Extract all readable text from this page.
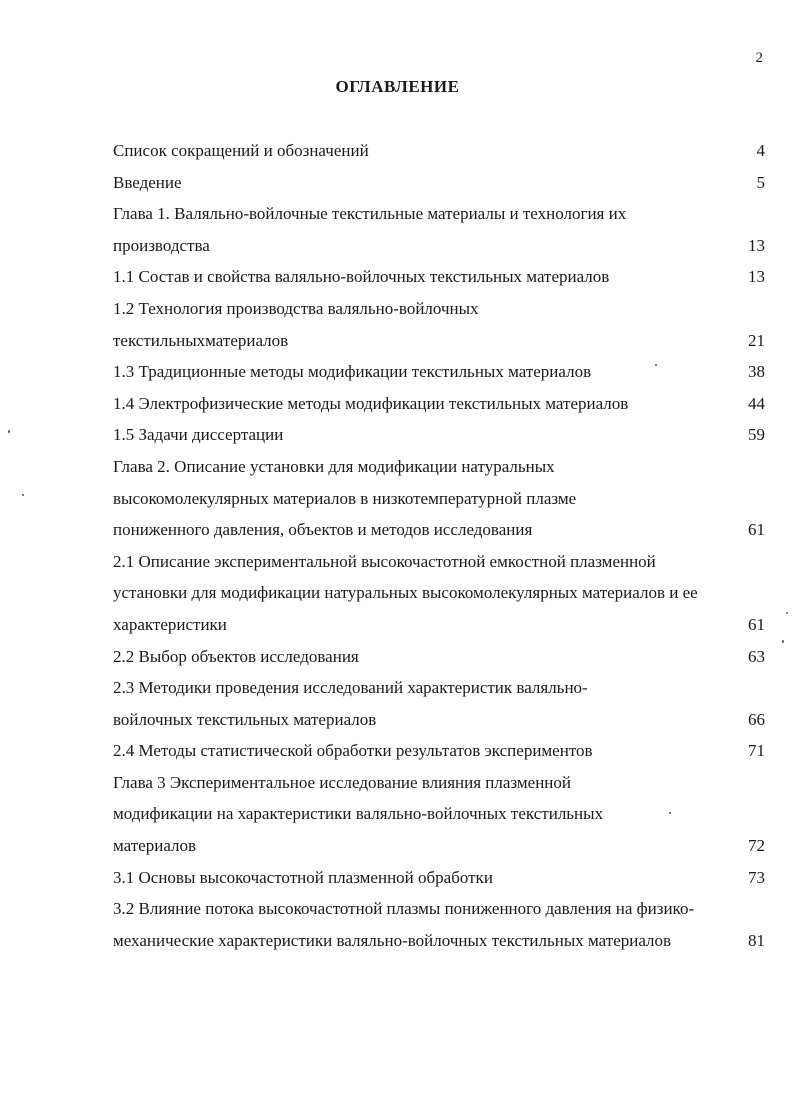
2
ОГЛАВЛЕНИЕ
Список сокращений и обозначений	4
Введение	5
Глава 1. Валяльно-войлочные текстильные материалы и технология их производства	13
1.1 Состав и свойства валяльно-войлочных текстильных материалов	13
1.2 Технология производства валяльно-войлочных текстильныхматериалов	21
1.3 Традиционные методы модификации текстильных материалов	38
1.4 Электрофизические методы модификации текстильных материалов	44
1.5 Задачи диссертации	59
Глава 2. Описание установки для модификации натуральных высокомолекулярных материалов в низкотемпературной плазме пониженного давления, объектов и методов исследования	61
2.1 Описание экспериментальной высокочастотной емкостной плазменной установки для модификации натуральных высокомолекулярных материалов и ее характеристики	61
2.2 Выбор объектов исследования	63
2.3 Методики проведения исследований характеристик валяльно-войлочных текстильных материалов	66
2.4 Методы статистической обработки результатов экспериментов	71
Глава 3 Экспериментальное исследование влияния плазменной модификации на характеристики валяльно-войлочных текстильных материалов	72
3.1 Основы высокочастотной плазменной обработки	73
3.2 Влияние потока высокочастотной плазмы пониженного давления на физико-механические характеристики валяльно-войлочных текстильных материалов	81
